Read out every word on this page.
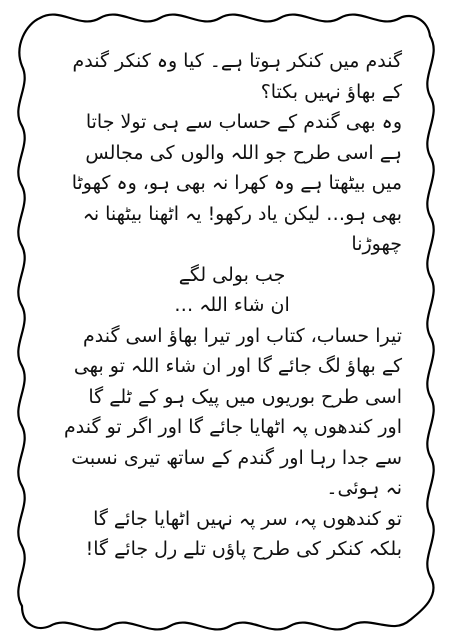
گندم میں کنکر ہوتا ہے۔ کیا وہ کنکر گندم کے بھاؤ نہیں بکتا؟

وہ بھی گندم کے حساب سے ہی تولا جاتا ہے اسی طرح جو اللہ والوں کی مجالس میں بیٹھتا ہے وہ کھرا نہ بھی ہو، وہ کھوٹا بھی ہو… لیکن یاد رکھو! یہ اٹھنا بیٹھنا نہ چھوڑنا

جب بولی لگے

ان شاء اللہ …

تیرا حساب، کتاب اور تیرا بھاؤ اسی گندم کے بھاؤ لگ جائے گا اور ان شاء اللہ تو بھی اسی طرح بوریوں میں پیک ہو کے ٹلے گا اور کندھوں پہ اٹھایا جائے گا اور اگر تو گندم سے جدا رہا اور گندم کے ساتھ تیری نسبت نہ ہوئی۔

تو کندھوں پہ، سر پہ نہیں اٹھایا جائے گا بلکہ کنکر کی طرح پاؤں تلے رل جائے گا!
